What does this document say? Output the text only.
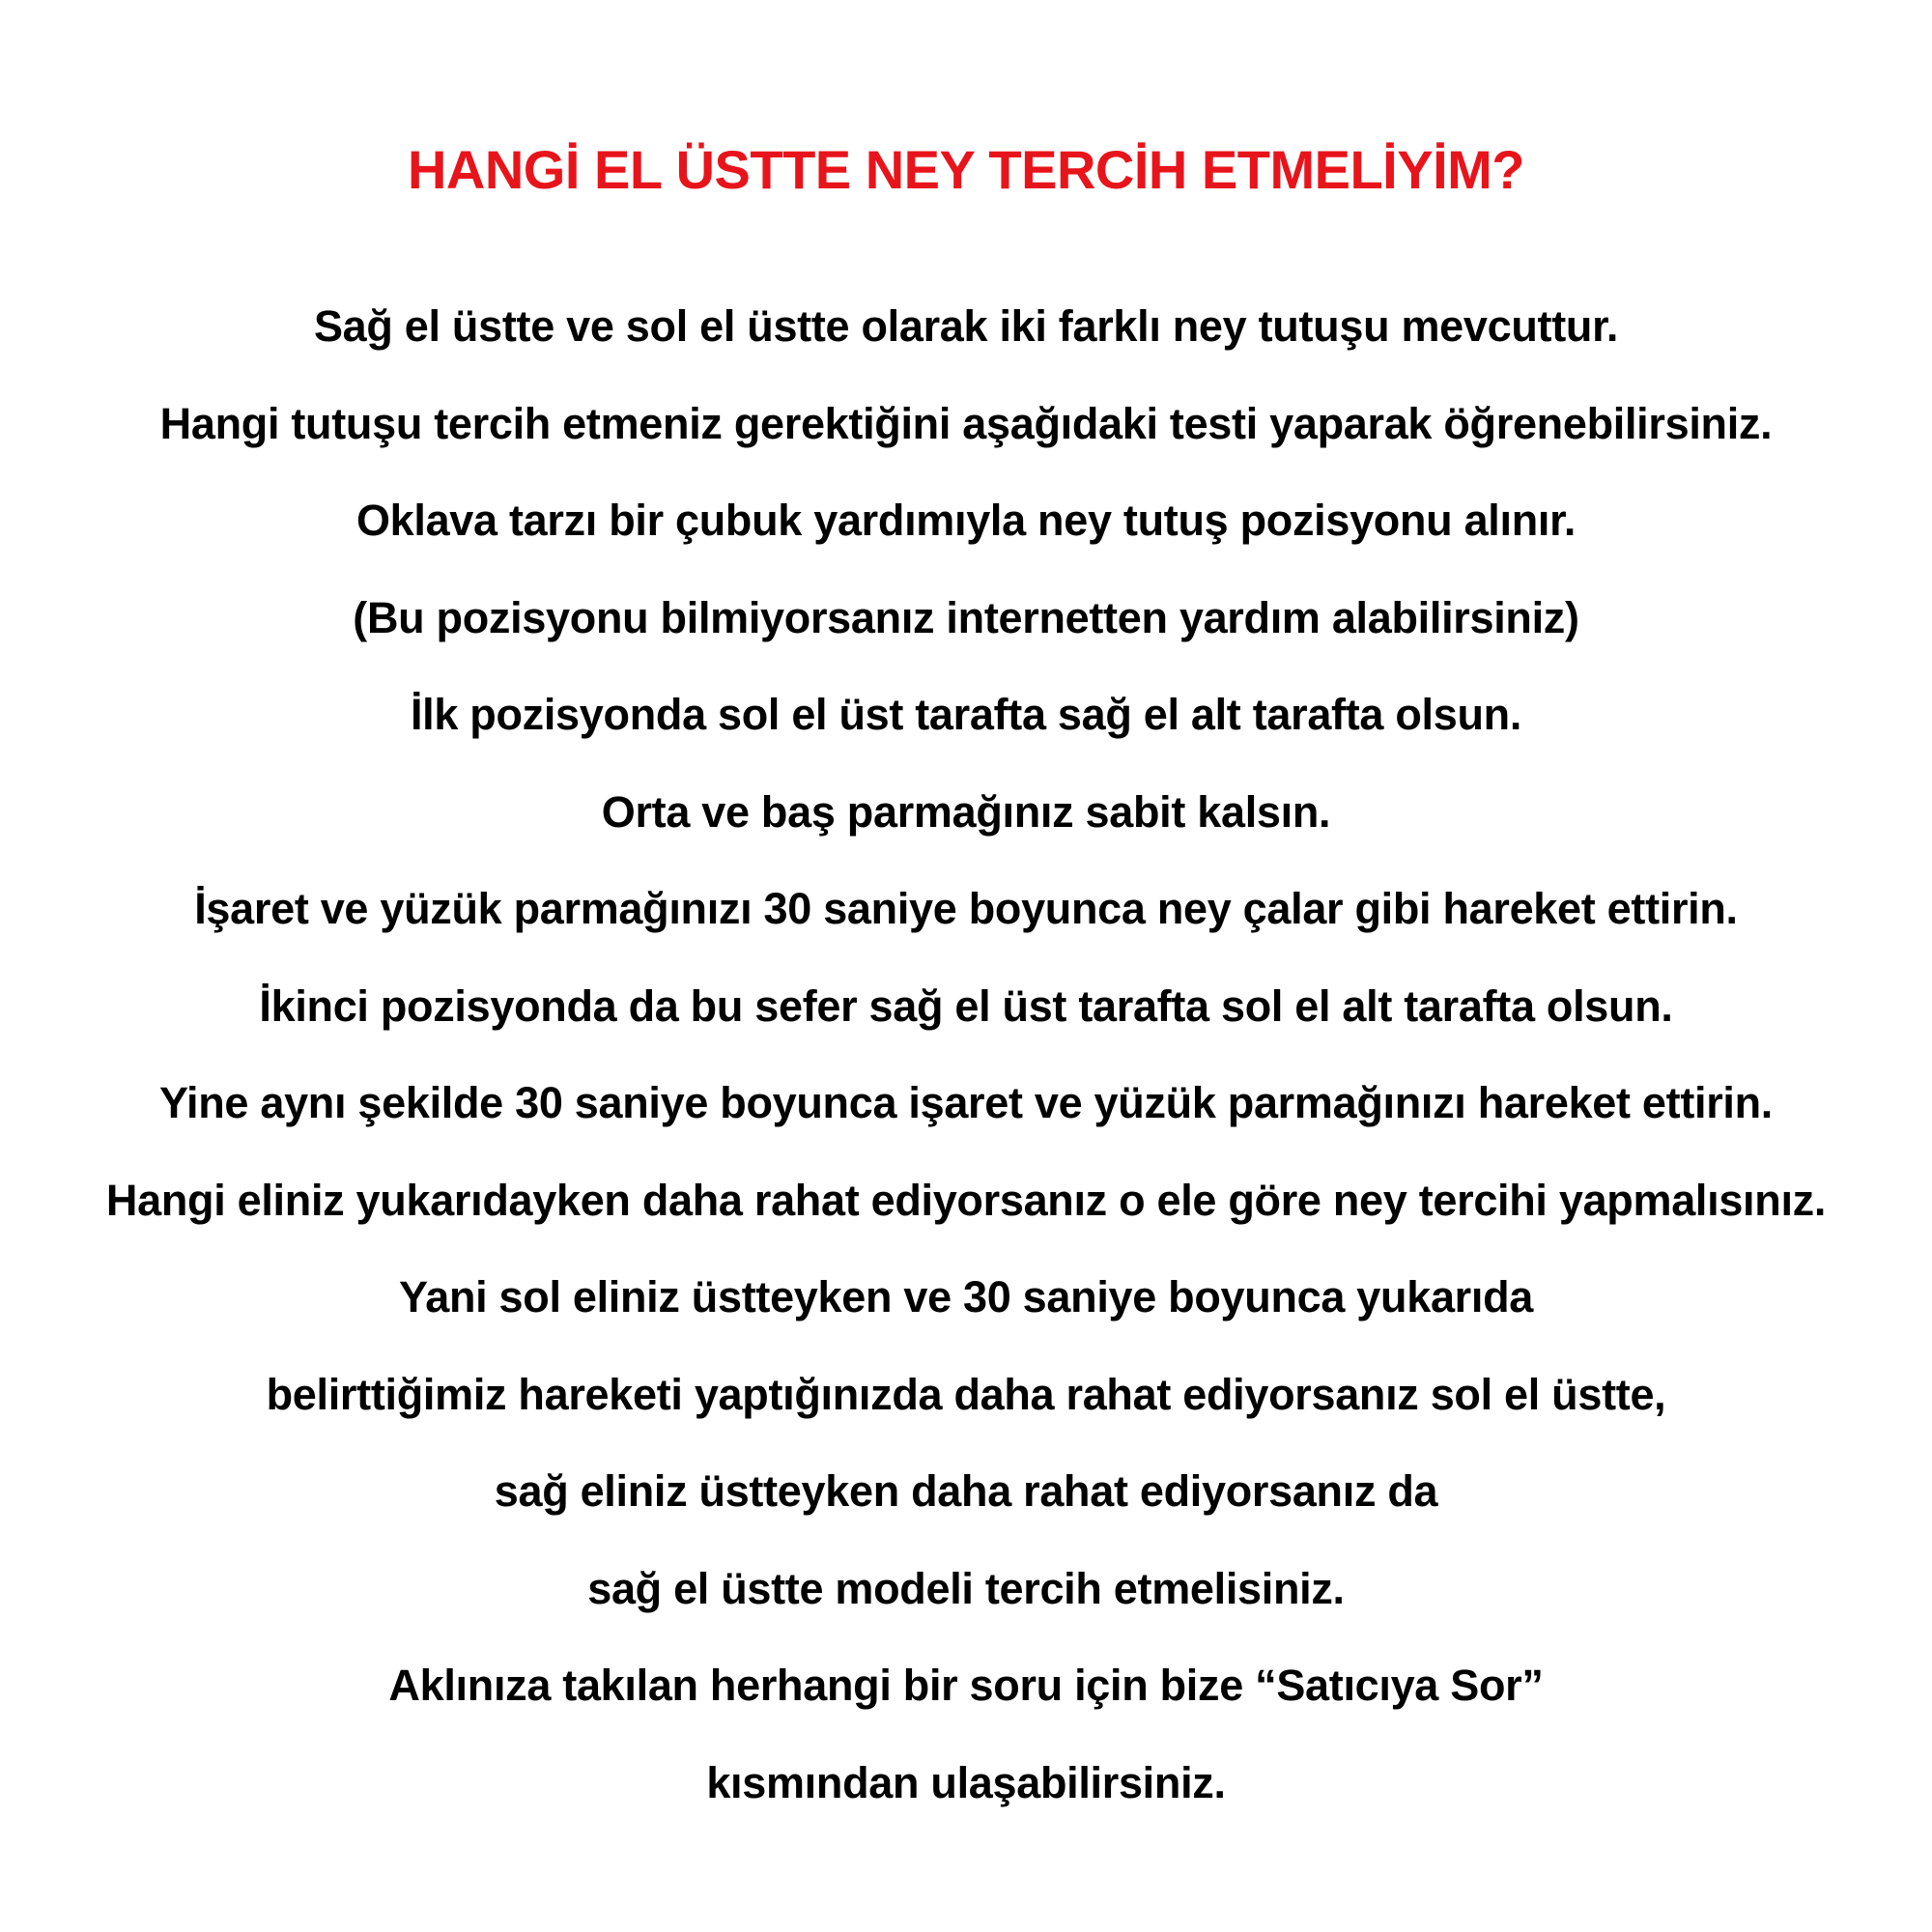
HANGİ EL ÜSTTE NEY TERCİH ETMELİYİM?
Sağ el üstte ve sol el üstte olarak iki farklı ney tutuşu mevcuttur.
Hangi tutuşu tercih etmeniz gerektiğini aşağıdaki testi yaparak öğrenebilirsiniz.
Oklava tarzı bir çubuk yardımıyla ney tutuş pozisyonu alınır.
(Bu pozisyonu bilmiyorsanız internetten yardım alabilirsiniz)
İlk pozisyonda sol el üst tarafta sağ el alt tarafta olsun.
Orta ve baş parmağınız sabit kalsın.
İşaret ve yüzük parmağınızı 30 saniye boyunca ney çalar gibi hareket ettirin.
İkinci pozisyonda da bu sefer sağ el üst tarafta sol el alt tarafta olsun.
Yine aynı şekilde 30 saniye boyunca işaret ve yüzük parmağınızı hareket ettirin.
Hangi eliniz yukarıdayken daha rahat ediyorsanız o ele göre ney tercihi yapmalısınız.
Yani sol eliniz üstteyken ve 30 saniye boyunca yukarıda
belirttiğimiz hareketi yaptığınızda daha rahat ediyorsanız sol el üstte,
sağ eliniz üstteyken daha rahat ediyorsanız da
sağ el üstte modeli tercih etmelisiniz.
Aklınıza takılan herhangi bir soru için bize “Satıcıya Sor”
kısmından ulaşabilirsiniz.
